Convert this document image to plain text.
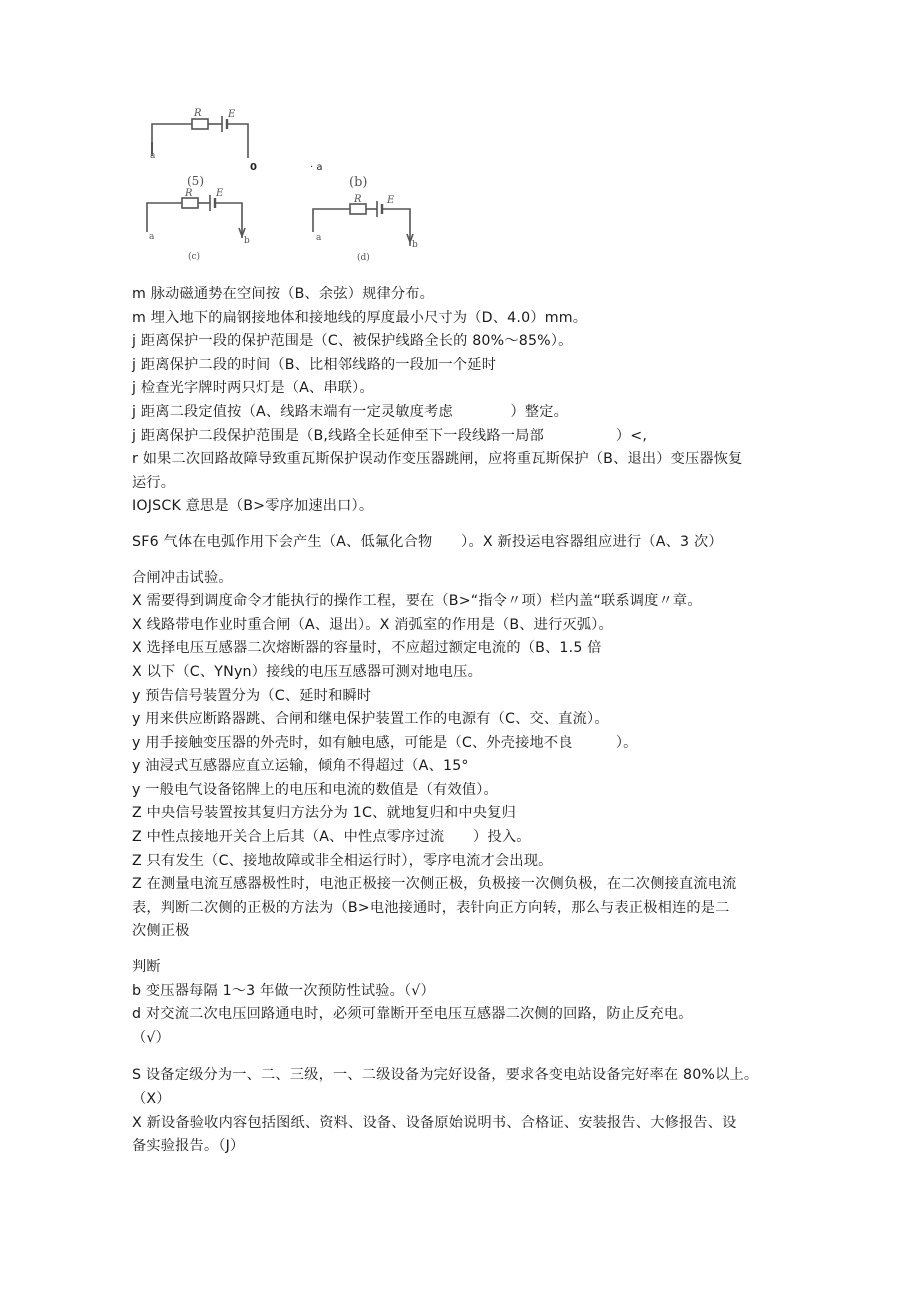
R	E
a
0	· a
(5)	(b)
R E
a	b
(c)
R	E
a
b
(d)
m 脉动磁通势在空间按（B、余弦）规律分布。
m 埋入地下的扁钢接地体和接地线的厚度最小尺寸为（D、4.0）mm。
j 距离保护一段的保护范围是（C、被保护线路全长的 80%～85%）。
j 距离保护二段的时间（B、比相邻线路的一段加一个延时
j 检查光字牌时两只灯是（A、串联）。
j 距离二段定值按（A、线路末端有一定灵敏度考虑　　　　）整定。
j 距离保护二段保护范围是（B,线路全长延伸至下一段线路一局部　　　　　）<,
r 如果二次回路故障导致重瓦斯保护误动作变压器跳闸，应将重瓦斯保护（B、退出）变压器恢复
运行。
IOJSCK 意思是（B>零序加速出口）。
SF6 气体在电弧作用下会产生（A、低氟化合物　　）。X 新投运电容器组应进行（A、3 次）
合闸冲击试验。
X 需要得到调度命令才能执行的操作工程，要在（B>“指令〃项）栏内盖“联系调度〃章。
X 线路带电作业时重合闸（A、退出）。X 消弧室的作用是（B、进行灭弧）。
X 选择电压互感器二次熔断器的容量时，不应超过额定电流的（B、1.5 倍
X 以下（C、YNyn）接线的电压互感器可测对地电压。
y 预告信号装置分为（C、延时和瞬时
y 用来供应断路器跳、合闸和继电保护装置工作的电源有（C、交、直流）。
y 用手接触变压器的外壳时，如有触电感，可能是（C、外壳接地不良　　　）。
y 油浸式互感器应直立运输，倾角不得超过（A、15°
y 一般电气设备铭牌上的电压和电流的数值是（有效值）。
Z 中央信号装置按其复归方法分为 1C、就地复归和中央复归
Z 中性点接地开关合上后其（A、中性点零序过流　　）投入。
Z 只有发生（C、接地故障或非全相运行时），零序电流才会出现。
Z 在测量电流互感器极性时，电池正极接一次侧正极，负极接一次侧负极，在二次侧接直流电流
表，判断二次侧的正极的方法为（B>电池接通时，表针向正方向转，那么与表正极相连的是二
次侧正极
判断
b 变压器每隔 1～3 年做一次预防性试验。（√）
d 对交流二次电压回路通电时，必须可靠断开至电压互感器二次侧的回路，防止反充电。
（√）
S 设备定级分为一、二、三级，一、二级设备为完好设备，要求各变电站设备完好率在 80%以上。
（X）
X 新设备验收内容包括图纸、资料、设备、设备原始说明书、合格证、安装报告、大修报告、设
备实验报告。（J）
